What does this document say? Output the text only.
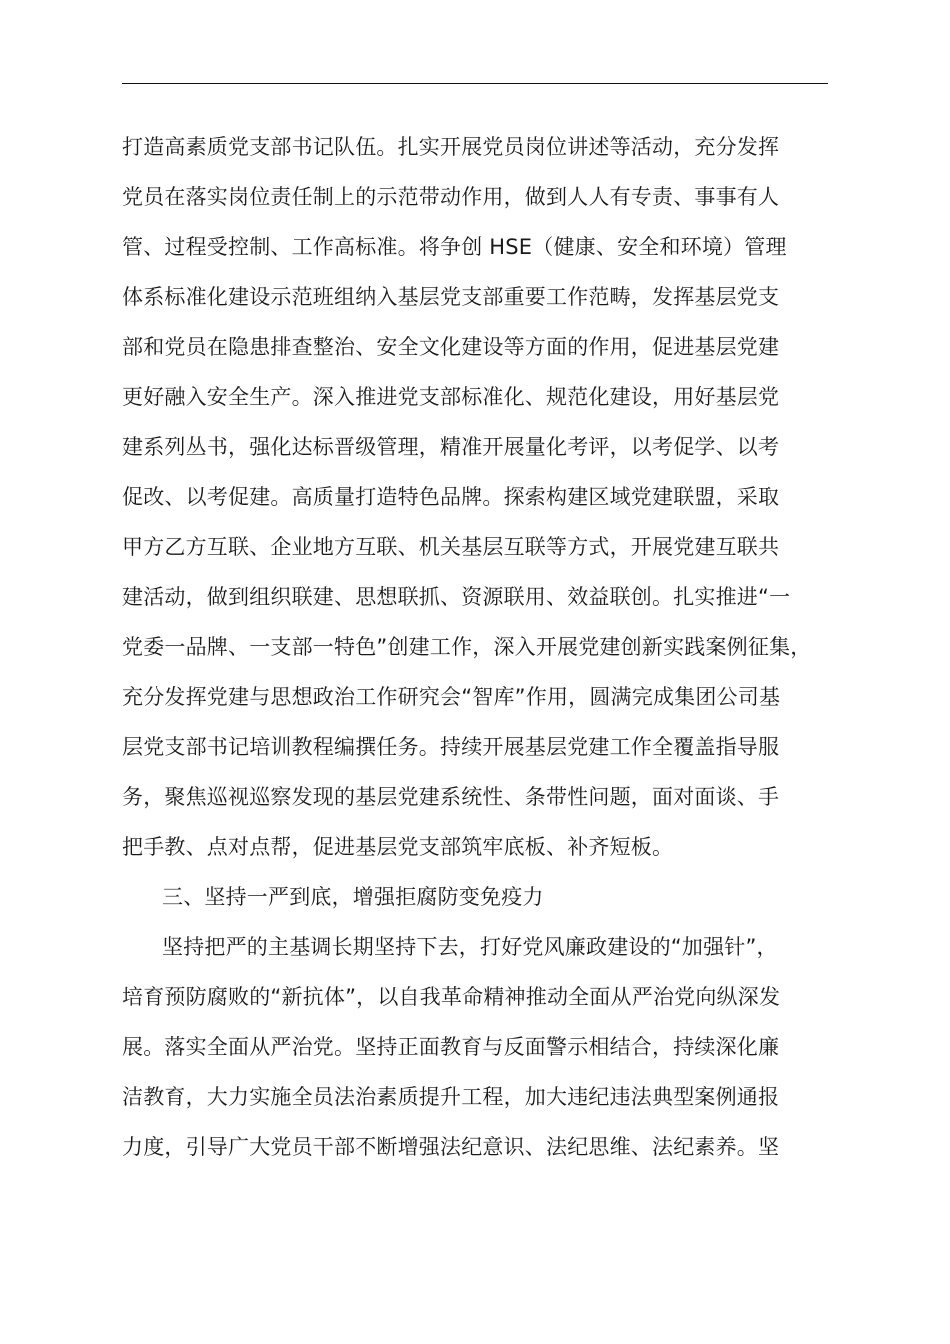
打造高素质党支部书记队伍。扎实开展党员岗位讲述等活动，充分发挥
党员在落实岗位责任制上的示范带动作用，做到人人有专责、事事有人
管、过程受控制、工作高标准。将争创 HSE（健康、安全和环境）管理
体系标准化建设示范班组纳入基层党支部重要工作范畴，发挥基层党支
部和党员在隐患排查整治、安全文化建设等方面的作用，促进基层党建
更好融入安全生产。深入推进党支部标准化、规范化建设，用好基层党
建系列丛书，强化达标晋级管理，精准开展量化考评，以考促学、以考
促改、以考促建。高质量打造特色品牌。探索构建区域党建联盟，采取
甲方乙方互联、企业地方互联、机关基层互联等方式，开展党建互联共
建活动，做到组织联建、思想联抓、资源联用、效益联创。扎实推进“一
党委一品牌、一支部一特色”创建工作，深入开展党建创新实践案例征集，
充分发挥党建与思想政治工作研究会“智库”作用，圆满完成集团公司基
层党支部书记培训教程编撰任务。持续开展基层党建工作全覆盖指导服
务，聚焦巡视巡察发现的基层党建系统性、条带性问题，面对面谈、手
把手教、点对点帮，促进基层党支部筑牢底板、补齐短板。
三、坚持一严到底，增强拒腐防变免疫力
坚持把严的主基调长期坚持下去，打好党风廉政建设的“加强针”，
培育预防腐败的“新抗体”，以自我革命精神推动全面从严治党向纵深发
展。落实全面从严治党。坚持正面教育与反面警示相结合，持续深化廉
洁教育，大力实施全员法治素质提升工程，加大违纪违法典型案例通报
力度，引导广大党员干部不断增强法纪意识、法纪思维、法纪素养。坚
